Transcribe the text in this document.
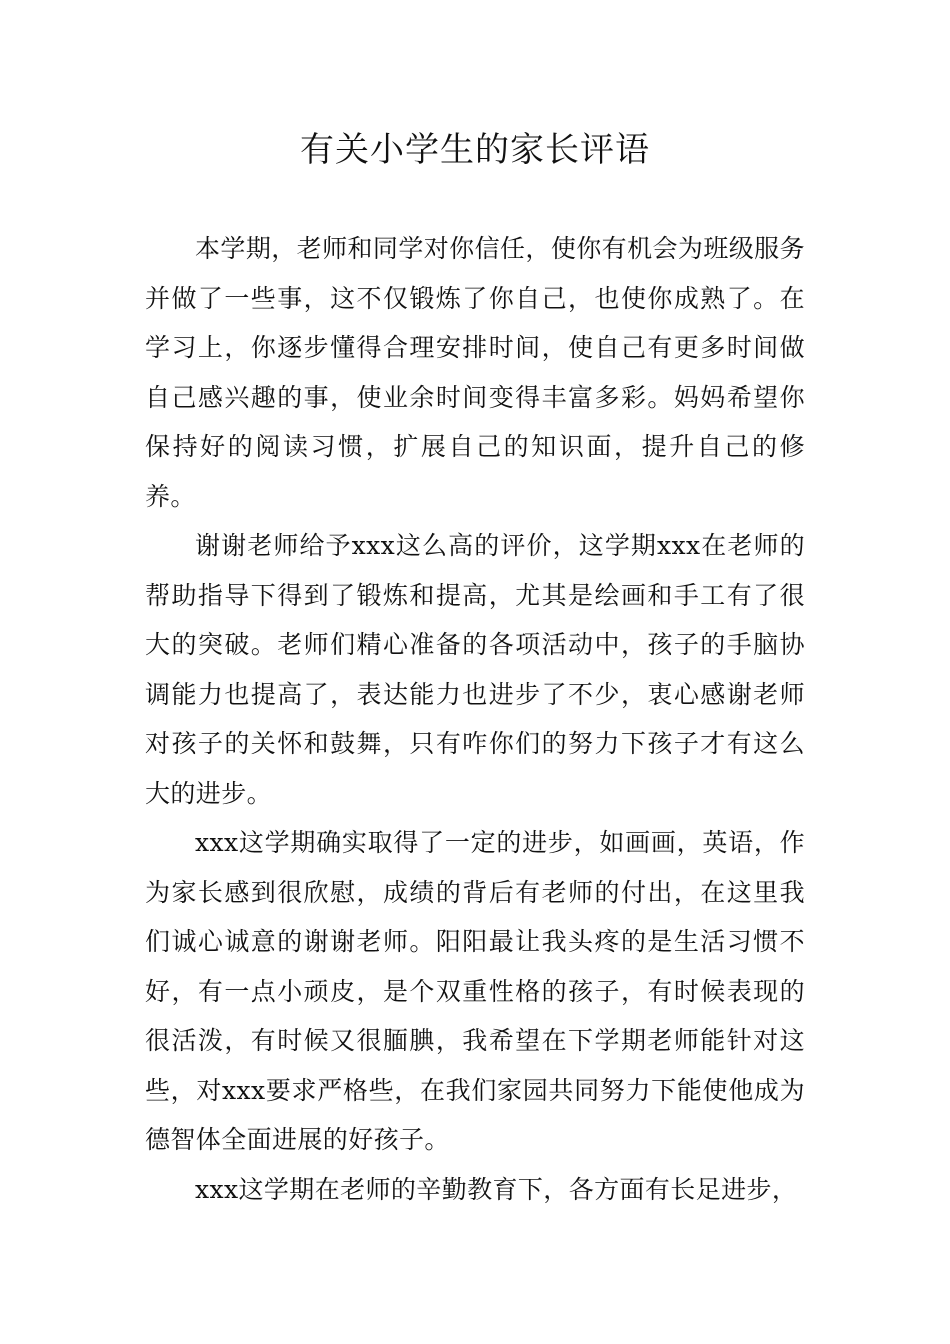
有关小学生的家长评语

本学期，老师和同学对你信任，使你有机会为班级服务并做了一些事，这不仅锻炼了你自己，也使你成熟了。在学习上，你逐步懂得合理安排时间，使自己有更多时间做自己感兴趣的事，使业余时间变得丰富多彩。妈妈希望你保持好的阅读习惯，扩展自己的知识面，提升自己的修养。

谢谢老师给予xxx这么高的评价，这学期xxx在老师的帮助指导下得到了锻炼和提高，尤其是绘画和手工有了很大的突破。老师们精心准备的各项活动中，孩子的手脑协调能力也提高了，表达能力也进步了不少，衷心感谢老师对孩子的关怀和鼓舞，只有咋你们的努力下孩子才有这么大的进步。

xxx这学期确实取得了一定的进步，如画画，英语，作为家长感到很欣慰，成绩的背后有老师的付出，在这里我们诚心诚意的谢谢老师。阳阳最让我头疼的是生活习惯不好，有一点小顽皮，是个双重性格的孩子，有时候表现的很活泼，有时候又很腼腆，我希望在下学期老师能针对这些，对xxx要求严格些，在我们家园共同努力下能使他成为德智体全面进展的好孩子。

xxx这学期在老师的辛勤教育下，各方面有长足进步，
